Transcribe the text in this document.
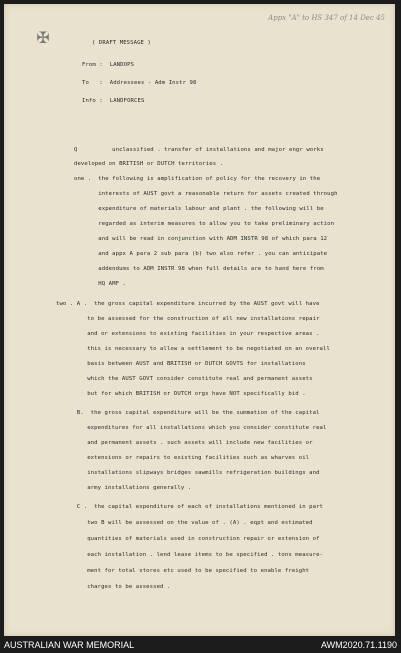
Appx "A" to HS 347 of 14 Dec 45
✠	( DRAFT MESSAGE )
From :  LANDOPS
To   :  Addressees - Adm Instr 98
Info :  LANDFORCES
Q          unclassified . transfer of installations and major engr works
developed on BRITISH or DUTCH territories .
one .  the following is amplification of policy for the recovery in the
interests of AUST govt a reasonable return for assets created through
expenditure of materials labour and plant . the following will be
regarded as interim measures to allow you to take preliminary action
and will be read in conjunction with ADM INSTR 98 of which para 12
and appx A para 2 sub para (b) two also refer . you can anticipate
addendums to ADM INSTR 98 when full details are to hand here from
HQ AMF .
two . A .  the gross capital expenditure incurred by the AUST govt will have
to be assessed for the construction of all new installations repair
and or extensions to existing facilities in your respective areas .
this is necessary to allow a settlement to be negotiated on an overall
basis between AUST and BRITISH or DUTCH GOVTS for installations
which the AUST GOVT consider constitute real and permanent assets
but for which BRITISH or DUTCH orgs have NOT specifically bid .
B.  the gross capital expenditure will be the summation of the capital
expenditures for all installations which you consider constitute real
and permanent assets . such assets will include new facilities or
extensions or repairs to existing facilities such as wharves oil
installations slipways bridges sawmills refrigeration buildings and
army installations generally .
C .  the capital expenditure of each of installations mentioned in part
two B will be assessed on the value of . (A) . eqpt and estimated
quantities of materials used in construction repair or extension of
each installation . lend lease items to be specified . tons measure-
ment for total stores etc used to be specified to enable freight
charges to be assessed .
AUSTRALIAN WAR MEMORIAL	AWM2020.71.1190
